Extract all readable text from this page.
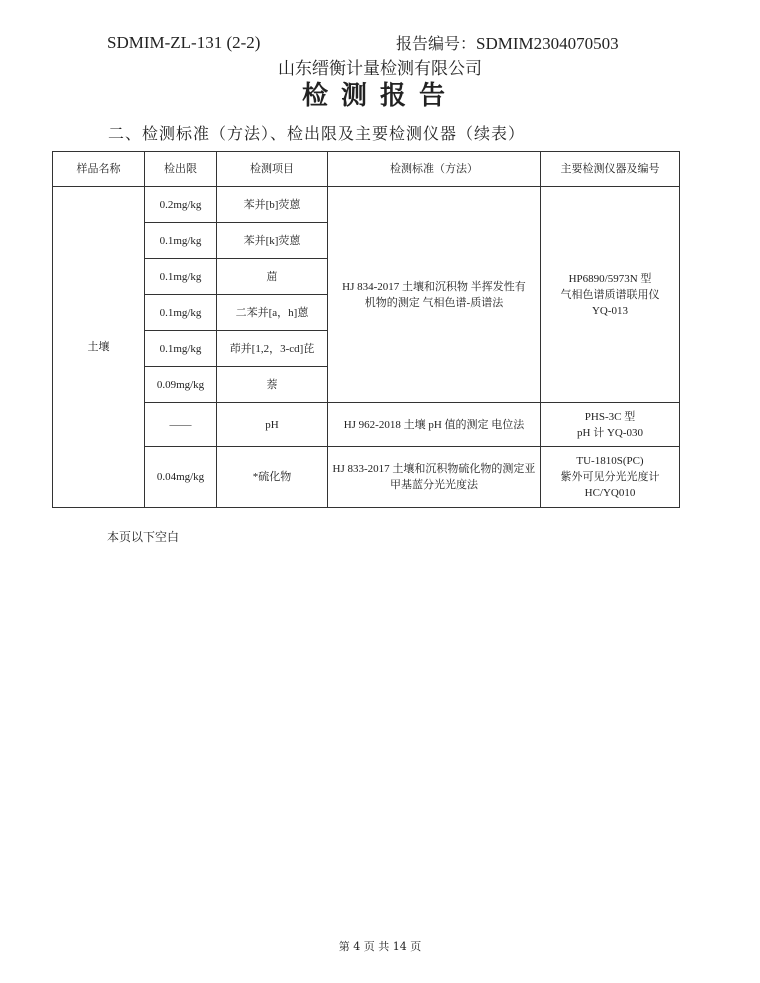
SDMIM-ZL-131 (2-2)	报告编号：SDMIM2304070503
山东缙衡计量检测有限公司
检测报告
二、检测标准（方法）、检出限及主要检测仪器（续表）
样品名称	检出限	检测项目	检测标准（方法）	主要检测仪器及编号
土壤	0.2mg/kg	苯并[b]荧蒽	HJ 834-2017 土壤和沉积物 半挥发性有机物的测定 气相色谱-质谱法	HP6890/5973N 型
气相色谱质谱联用仪
YQ-013

	0.1mg/kg	苯并[k]荧蒽		
	0.1mg/kg	䓛		
	0.1mg/kg	二苯并[a，h]蒽		
	0.1mg/kg	茚并[1,2，3-cd]芘		
	0.09mg/kg	萘		
	——	pH	HJ 962-2018 土壤 pH 值的测定 电位法	PHS-3C 型
pH 计 YQ-030

	0.04mg/kg	*硫化物	HJ 833-2017 土壤和沉积物硫化物的测定亚甲基蓝分光光度法	TU-1810S(PC)
紫外可见分光光度计
HC/YQ010
本页以下空白
第 4 页 共 14 页
